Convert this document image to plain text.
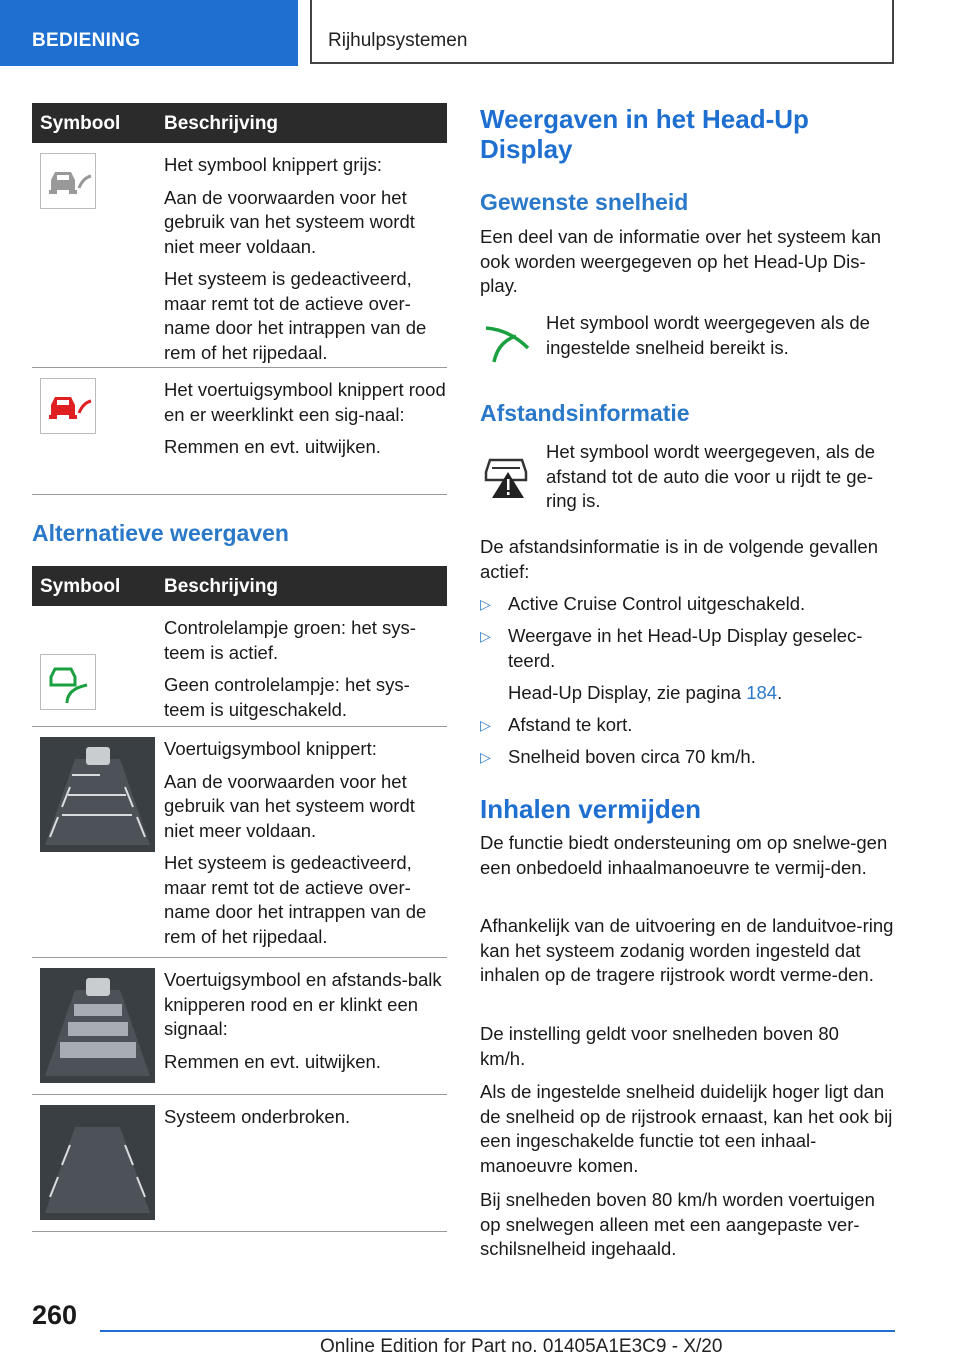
BEDIENING	Rijhulpsystemen
Symbool Beschrijving

Het symbool knippert grijs:

Aan de voorwaarden voor het gebruik van het systeem wordt niet meer voldaan.

Het systeem is gedeactiveerd, maar remt tot de actieve over-name door het intrappen van de rem of het rijpedaal.

Het voertuigsymbool knippert rood en er weerklinkt een sig-naal:

Remmen en evt. uitwijken.

Alternatieve weergaven
Symbool Beschrijving

Controlelampje groen: het sys-teem is actief.

Geen controlelampje: het sys-teem is uitgeschakeld.

Voertuigsymbool knippert:

Aan de voorwaarden voor het gebruik van het systeem wordt niet meer voldaan.

Het systeem is gedeactiveerd, maar remt tot de actieve over-name door het intrappen van de rem of het rijpedaal.

Voertuigsymbool en afstands-balk knipperen rood en er klinkt een signaal:

Remmen en evt. uitwijken.

Systeem onderbroken.

Weergaven in het Head-Up Display
Gewenste snelheid

Een deel van de informatie over het systeem kan ook worden weergegeven op het Head-Up Dis-play.

Het symbool wordt weergegeven als de ingestelde snelheid bereikt is.

Afstandsinformatie

Het symbool wordt weergegeven, als de afstand tot de auto die voor u rijdt te ge-ring is.

De afstandsinformatie is in de volgende gevallen actief:

▷ Active Cruise Control uitgeschakeld.
▷ Weergave in het Head-Up Display geselec-teerd.
Head-Up Display, zie pagina 184.
▷ Afstand te kort.
▷ Snelheid boven circa 70 km/h.
Inhalen vermijden

De functie biedt ondersteuning om op snelwe-gen een onbedoeld inhaalmanoeuvre te vermij-den.

Afhankelijk van de uitvoering en de landuitvoe-ring kan het systeem zodanig worden ingesteld dat inhalen op de tragere rijstrook wordt verme-den.

De instelling geldt voor snelheden boven 80 km/h.

Als de ingestelde snelheid duidelijk hoger ligt dan de snelheid op de rijstrook ernaast, kan het ook bij een ingeschakelde functie tot een inhaal-manoeuvre komen.

Bij snelheden boven 80 km/h worden voertuigen op snelwegen alleen met een aangepaste ver-schilsnelheid ingehaald.

260
Online Edition for Part no. 01405A1E3C9 - X/20
